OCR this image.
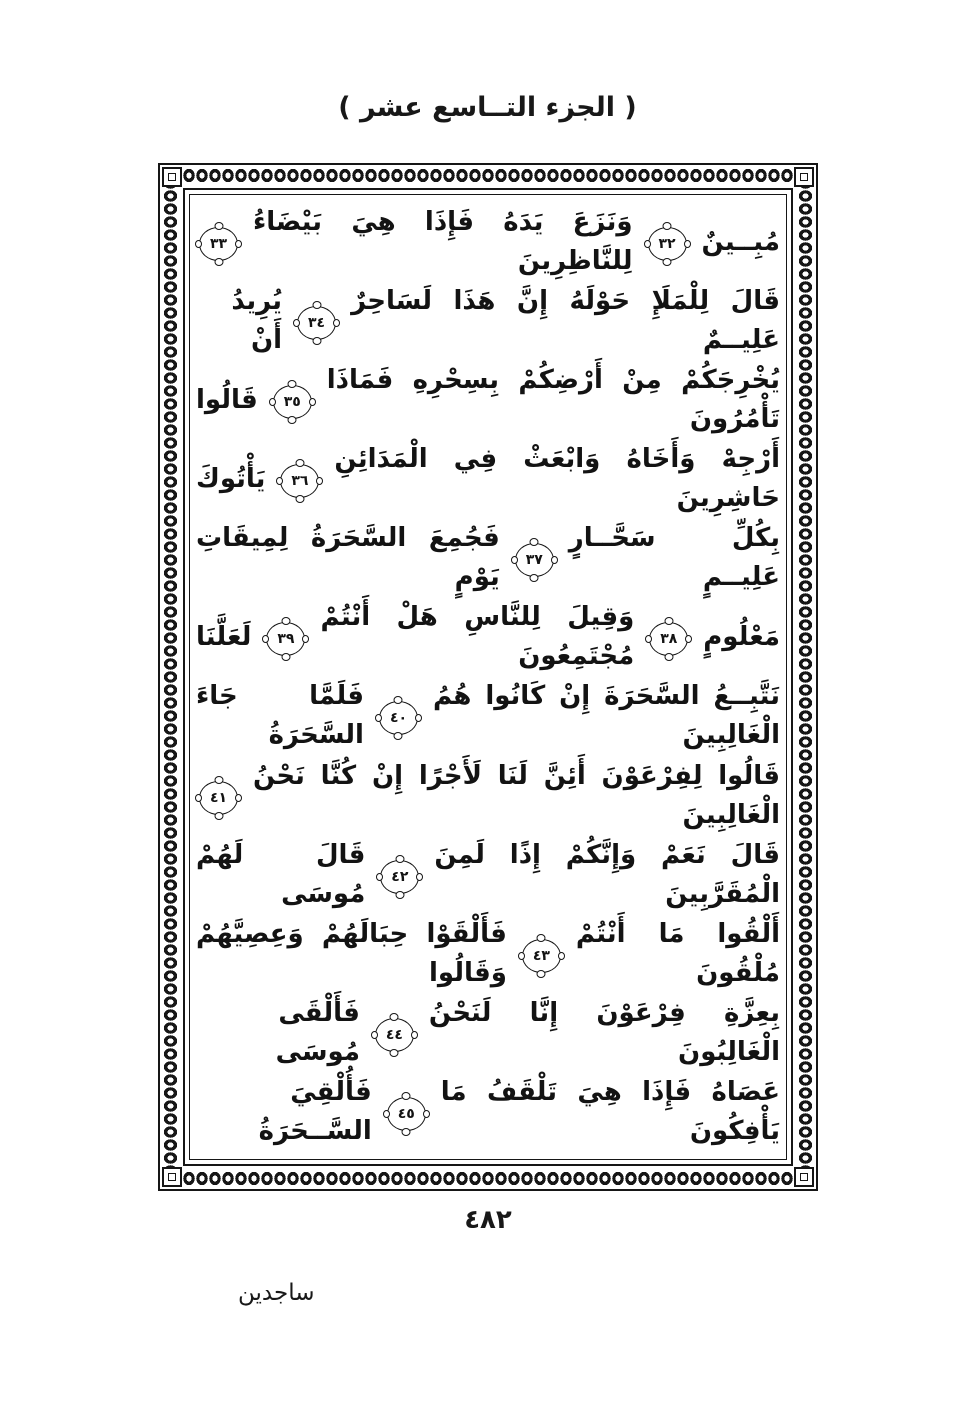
( الجزء التــاسع عشر )
مُبِــينٌ
٣٢
وَنَزَعَ يَدَهُ فَإِذَا هِيَ بَيْضَاءُ لِلنَّاظِرِينَ
٣٣
قَالَ لِلْمَلَإِ حَوْلَهُ إِنَّ هَذَا لَسَاحِرٌ عَلِيــمٌ
٣٤
يُرِيدُ أَنْ
يُخْرِجَكُمْ مِنْ أَرْضِكُمْ بِسِحْرِهِ فَمَاذَا تَأْمُرُونَ
٣٥
قَالُوا
أَرْجِهْ وَأَخَاهُ وَابْعَثْ فِي الْمَدَائِنِ حَاشِرِينَ
٣٦
يَأْتُوكَ
بِكُلِّ سَحَّــارٍ عَلِيــمٍ
٣٧
فَجُمِعَ السَّحَرَةُ لِمِيقَاتِ يَوْمٍ
مَعْلُومٍ
٣٨
وَقِيلَ لِلنَّاسِ هَلْ أَنْتُمْ مُجْتَمِعُونَ
٣٩
لَعَلَّنَا
نَتَّبِــعُ السَّحَرَةَ إِنْ كَانُوا هُمُ الْغَالِبِينَ
٤٠
فَلَمَّا جَاءَ السَّحَرَةُ
قَالُوا لِفِرْعَوْنَ أَئِنَّ لَنَا لَأَجْرًا إِنْ كُنَّا نَحْنُ الْغَالِبِينَ
٤١
قَالَ نَعَمْ وَإِنَّكُمْ إِذًا لَمِنَ الْمُقَرَّبِينَ
٤٢
قَالَ لَهُمْ مُوسَى
أَلْقُوا مَا أَنْتُمْ مُلْقُونَ
٤٣
فَأَلْقَوْا حِبَالَهُمْ وَعِصِيَّهُمْ وَقَالُوا
بِعِزَّةِ فِرْعَوْنَ إِنَّا لَنَحْنُ الْغَالِبُونَ
٤٤
فَأَلْقَى مُوسَى
عَصَاهُ فَإِذَا هِيَ تَلْقَفُ مَا يَأْفِكُونَ
٤٥
فَأُلْقِيَ السَّــحَرَةُ
٤٨٢
ساجدين
